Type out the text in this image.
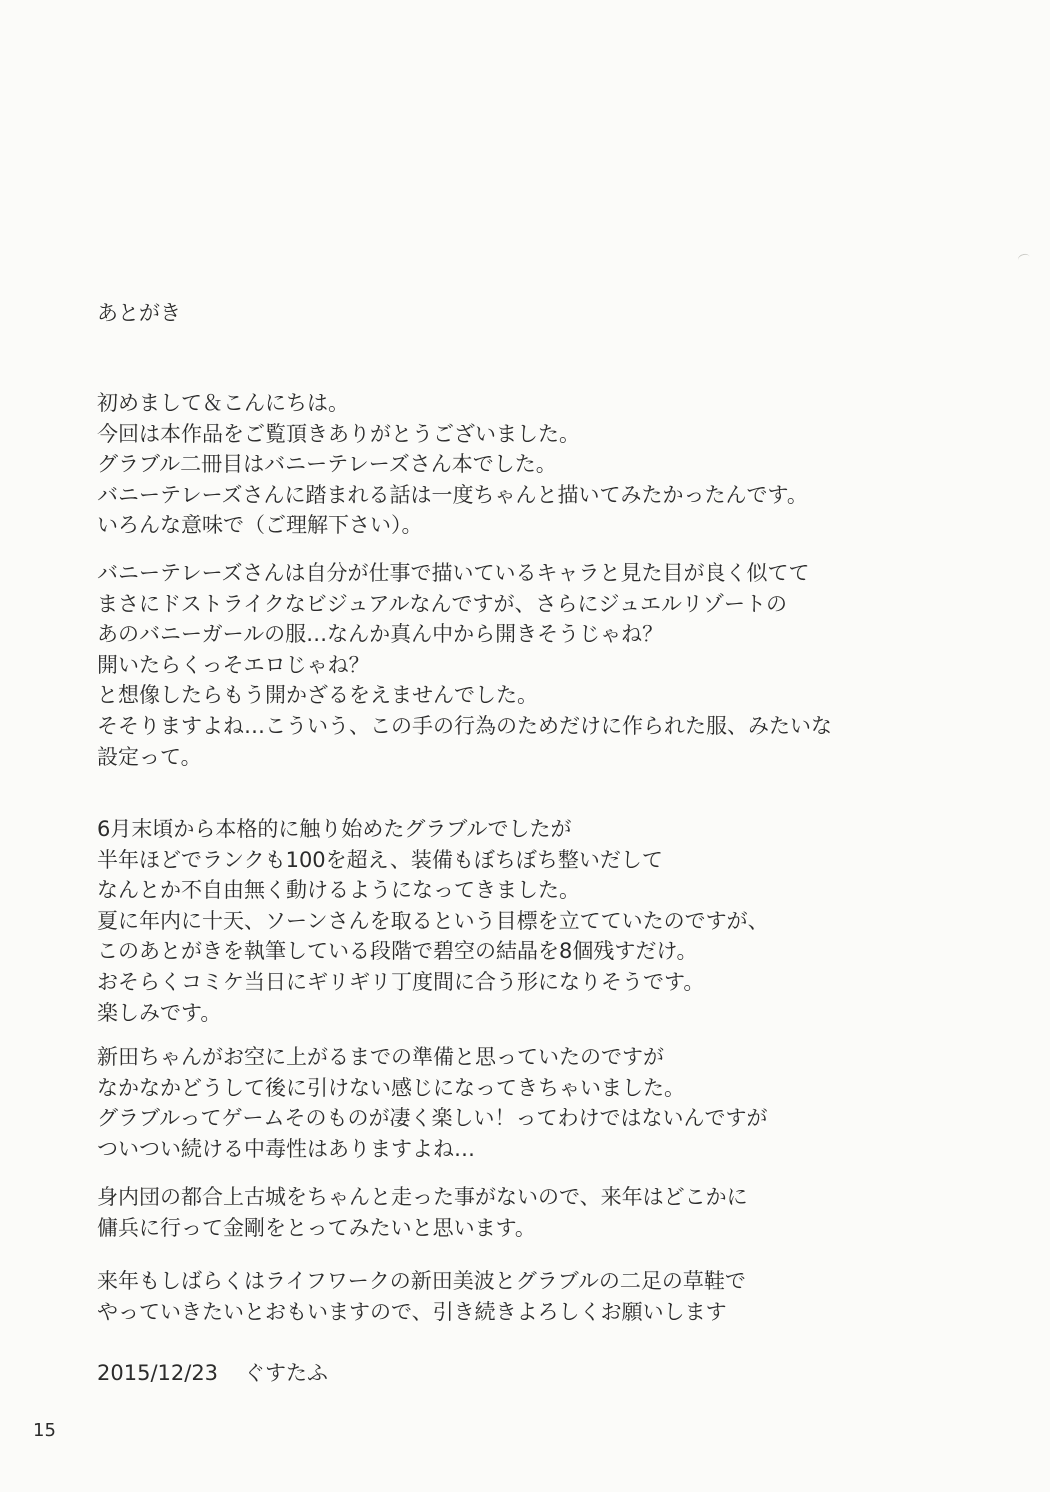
あとがき

初めまして＆こんにちは。
今回は本作品をご覧頂きありがとうございました。
グラブル二冊目はバニーテレーズさん本でした。
バニーテレーズさんに踏まれる話は一度ちゃんと描いてみたかったんです。
いろんな意味で（ご理解下さい）。

バニーテレーズさんは自分が仕事で描いているキャラと見た目が良く似てて
まさにドストライクなビジュアルなんですが、さらにジュエルリゾートの
あのバニーガールの服…なんか真ん中から開きそうじゃね？
開いたらくっそエロじゃね？
と想像したらもう開かざるをえませんでした。
そそりますよね…こういう、この手の行為のためだけに作られた服、みたいな
設定って。

6月末頃から本格的に触り始めたグラブルでしたが
半年ほどでランクも100を超え、装備もぼちぼち整いだして
なんとか不自由無く動けるようになってきました。
夏に年内に十天、ソーンさんを取るという目標を立てていたのですが、
このあとがきを執筆している段階で碧空の結晶を8個残すだけ。
おそらくコミケ当日にギリギリ丁度間に合う形になりそうです。
楽しみです。

新田ちゃんがお空に上がるまでの準備と思っていたのですが
なかなかどうして後に引けない感じになってきちゃいました。
グラブルってゲームそのものが凄く楽しい！ってわけではないんですが
ついつい続ける中毒性はありますよね…

身内団の都合上古城をちゃんと走った事がないので、来年はどこかに
傭兵に行って金剛をとってみたいと思います。

来年もしばらくはライフワークの新田美波とグラブルの二足の草鞋で
やっていきたいとおもいますので、引き続きよろしくお願いします

2015/12/23 ぐすたふ

15
